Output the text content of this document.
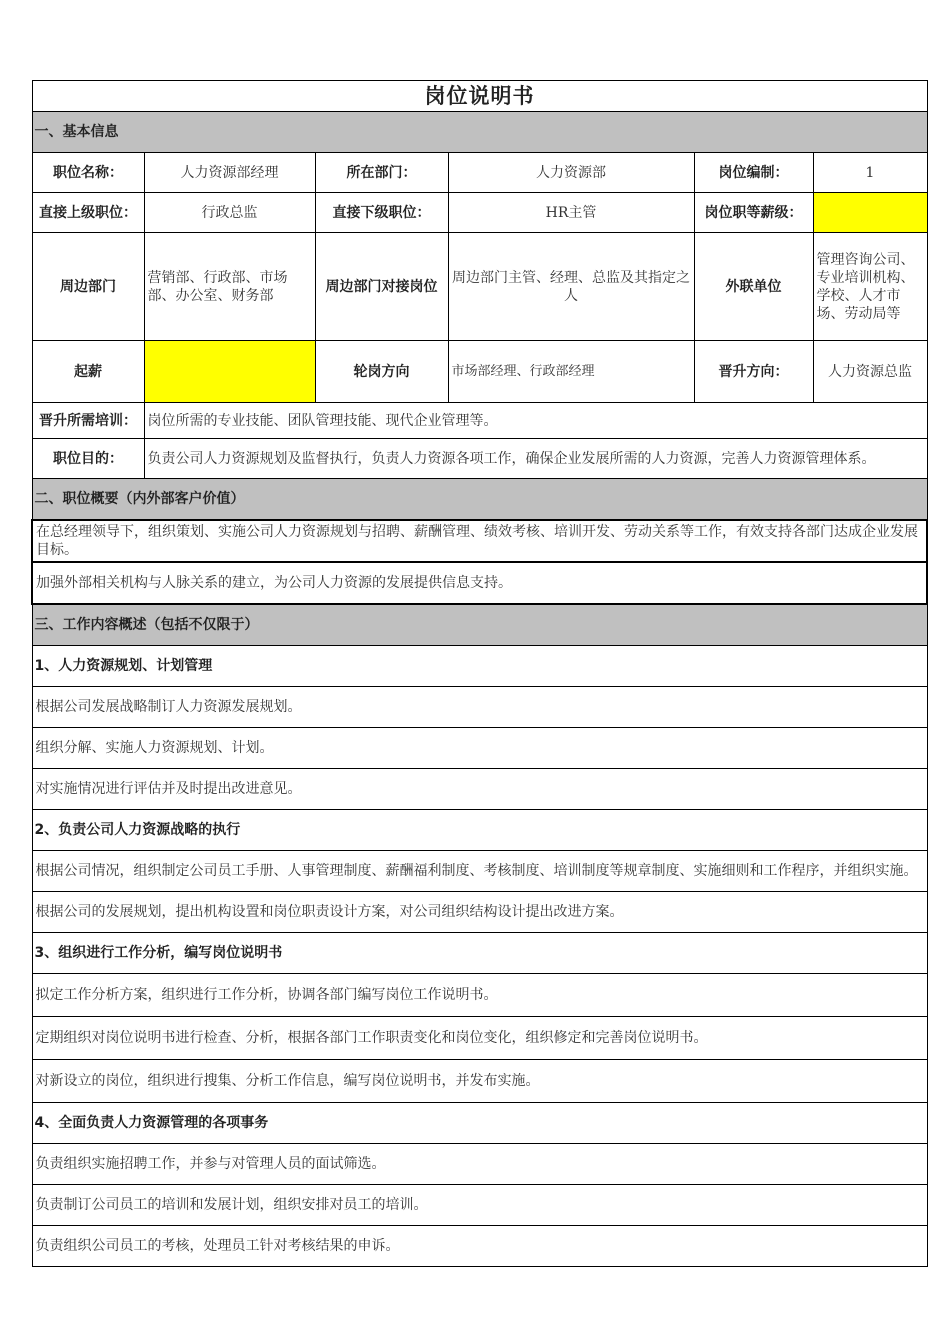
岗位说明书					
一、基本信息					
职位名称：	人力资源部经理	所在部门：	人力资源部	岗位编制：	1
直接上级职位：	行政总监	直接下级职位：	HR主管	岗位职等薪级：	
周边部门	营销部、行政部、市场部、办公室、财务部	周边部门对接岗位	周边部门主管、经理、总监及其指定之人	外联单位	管理咨询公司、专业培训机构、学校、人才市场、劳动局等
起薪		轮岗方向	市场部经理、行政部经理	晋升方向：	人力资源总监
晋升所需培训：	岗位所需的专业技能、团队管理技能、现代企业管理等。				
职位目的：	负责公司人力资源规划及监督执行，负责人力资源各项工作，确保企业发展所需的人力资源，完善人力资源管理体系。				
二、职位概要（内外部客户价值）					
在总经理领导下，组织策划、实施公司人力资源规划与招聘、薪酬管理、绩效考核、培训开发、劳动关系等工作，有效支持各部门达成企业发展目标。					
加强外部相关机构与人脉关系的建立，为公司人力资源的发展提供信息支持。					
三、工作内容概述（包括不仅限于）					
1、人力资源规划、计划管理					
根据公司发展战略制订人力资源发展规划。					
组织分解、实施人力资源规划、计划。					
对实施情况进行评估并及时提出改进意见。					
2、负责公司人力资源战略的执行					
根据公司情况，组织制定公司员工手册、人事管理制度、薪酬福利制度、考核制度、培训制度等规章制度、实施细则和工作程序，并组织实施。					
根据公司的发展规划，提出机构设置和岗位职责设计方案，对公司组织结构设计提出改进方案。					
3、组织进行工作分析，编写岗位说明书					
拟定工作分析方案，组织进行工作分析，协调各部门编写岗位工作说明书。					
定期组织对岗位说明书进行检查、分析，根据各部门工作职责变化和岗位变化，组织修定和完善岗位说明书。					
对新设立的岗位，组织进行搜集、分析工作信息，编写岗位说明书，并发布实施。					
4、全面负责人力资源管理的各项事务					
负责组织实施招聘工作，并参与对管理人员的面试筛选。					
负责制订公司员工的培训和发展计划，组织安排对员工的培训。					
负责组织公司员工的考核，处理员工针对考核结果的申诉。					
